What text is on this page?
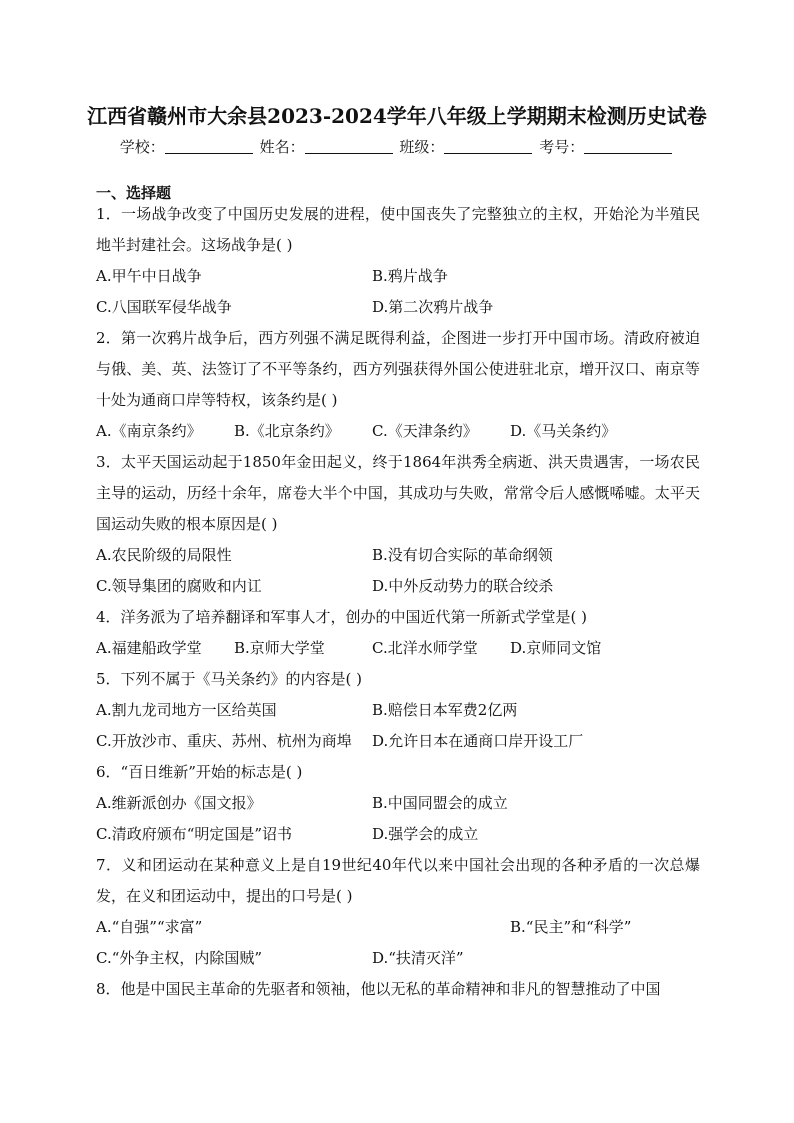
江西省赣州市大余县2023-2024学年八年级上学期期末检测历史试卷
学校：	姓名：	班级：	考号：
一、选择题

1．一场战争改变了中国历史发展的进程，使中国丧失了完整独立的主权，开始沦为半殖民地半封建社会。这场战争是( )

A.甲午中日战争	B.鸦片战争
C.八国联军侵华战争	D.第二次鸦片战争

2．第一次鸦片战争后，西方列强不满足既得利益，企图进一步打开中国市场。清政府被迫与俄、美、英、法签订了不平等条约，西方列强获得外国公使进驻北京，增开汉口、南京等十处为通商口岸等特权，该条约是( )

A.《南京条约》 B.《北京条约》 C.《天津条约》 D.《马关条约》

3．太平天国运动起于1850年金田起义，终于1864年洪秀全病逝、洪天贵遇害，一场农民主导的运动，历经十余年，席卷大半个中国，其成功与失败，常常令后人感慨唏嘘。太平天国运动失败的根本原因是( )

A.农民阶级的局限性	B.没有切合实际的革命纲领
C.领导集团的腐败和内讧	D.中外反动势力的联合绞杀

4．洋务派为了培养翻译和军事人才，创办的中国近代第一所新式学堂是( )

A.福建船政学堂 B.京师大学堂	C.北洋水师学堂 D.京师同文馆

5．下列不属于《马关条约》的内容是( )

A.割九龙司地方一区给英国	B.赔偿日本军费2亿两
C.开放沙市、重庆、苏州、杭州为商埠 D.允许日本在通商口岸开设工厂

6．“百日维新”开始的标志是( )

A.维新派创办《国文报》	B.中国同盟会的成立
C.清政府颁布“明定国是”诏书	D.强学会的成立

7．义和团运动在某种意义上是自19世纪40年代以来中国社会出现的各种矛盾的一次总爆发，在义和团运动中，提出的口号是( )

A.“自强”“求富”	B.“民主”和“科学”
C.“外争主权，内除国贼”	D.“扶清灭洋”

8．他是中国民主革命的先驱者和领袖，他以无私的革命精神和非凡的智慧推动了中国
